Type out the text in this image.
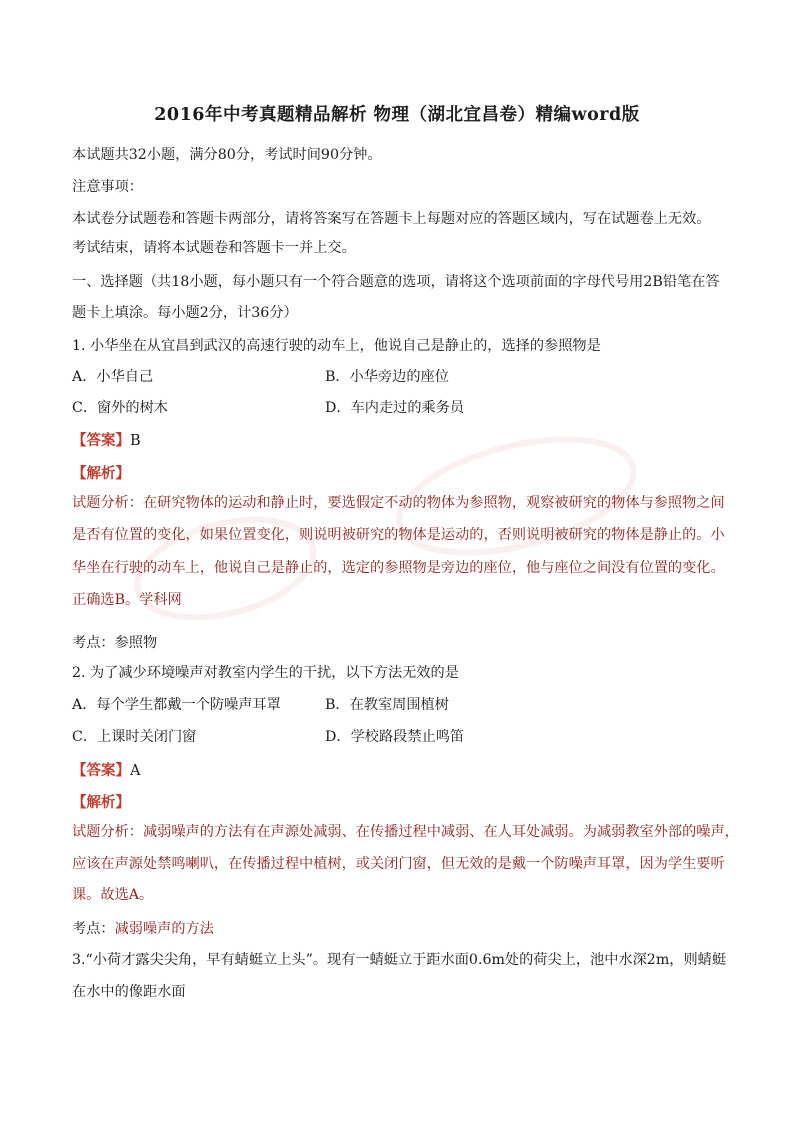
2016年中考真题精品解析 物理（湖北宜昌卷）精编word版
本试题共32小题，满分80分，考试时间90分钟。
注意事项：
本试卷分试题卷和答题卡两部分，请将答案写在答题卡上每题对应的答题区域内，写在试题卷上无效。
考试结束，请将本试题卷和答题卡一并上交。
一、选择题（共18小题，每小题只有一个符合题意的选项，请将这个选项前面的字母代号用2B铅笔在答
题卡上填涂。每小题2分，计36分）
1. 小华坐在从宜昌到武汉的高速行驶的动车上，他说自己是静止的，选择的参照物是
A．小华自己	B．小华旁边的座位
C．窗外的树木	D．车内走过的乘务员
【答案】B
【解析】
试题分析：在研究物体的运动和静止时，要选假定不动的物体为参照物，观察被研究的物体与参照物之间
是否有位置的变化，如果位置变化，则说明被研究的物体是运动的，否则说明被研究的物体是静止的。小
华坐在行驶的动车上，他说自己是静止的，选定的参照物是旁边的座位，他与座位之间没有位置的变化。
正确选B。学科网
考点：参照物
2. 为了减少环境噪声对教室内学生的干扰，以下方法无效的是
A．每个学生都戴一个防噪声耳罩	B．在教室周围植树
C．上课时关闭门窗	D．学校路段禁止鸣笛
【答案】A
【解析】
试题分析：减弱噪声的方法有在声源处减弱、在传播过程中减弱、在人耳处减弱。为减弱教室外部的噪声，
应该在声源处禁鸣喇叭，在传播过程中植树，或关闭门窗，但无效的是戴一个防噪声耳罩，因为学生要听
课。故选A。
考点：减弱噪声的方法
3.“小荷才露尖尖角，早有蜻蜓立上头”。现有一蜻蜓立于距水面0.6m处的荷尖上，池中水深2m，则蜻蜓
在水中的像距水面
